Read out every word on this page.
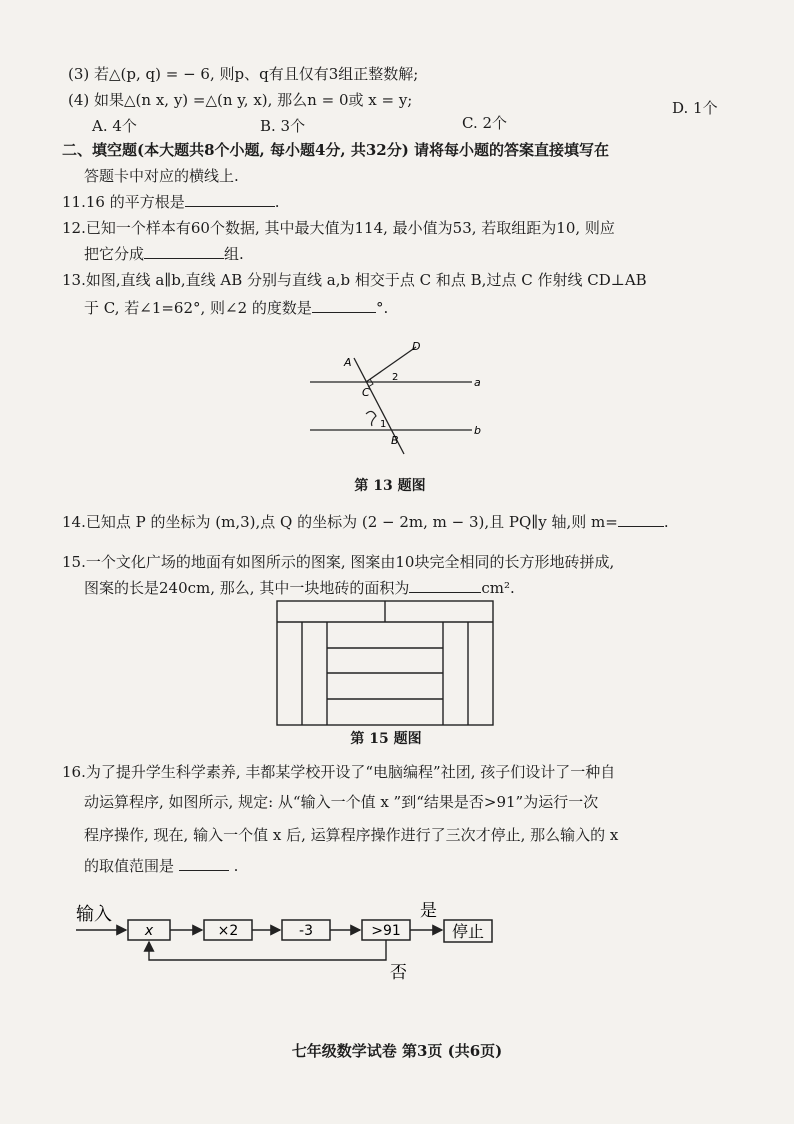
(3) 若△(p, q) = − 6, 则p、q有且仅有3组正整数解;
(4) 如果△(n x, y) =△(n y, x), 那么n = 0或 x = y;
A. 4个	B. 3个	C. 2个
D. 1个
二、填空题(本大题共8个小题, 每小题4分, 共32分) 请将每小题的答案直接填写在
答题卡中对应的横线上.
11.16 的平方根是	.
12.已知一个样本有60个数据, 其中最大值为114, 最小值为53, 若取组距为10, 则应
把它分成	组.
13.如图,直线 a∥b,直线 AB 分别与直线 a,b 相交于点 C 和点 B,过点 C 作射线 CD⊥AB
于 C, 若∠1=62°, 则∠2 的度数是	°.
A
D
C
B
a
b
1
2
第 13 题图
14.已知点 P 的坐标为 (m,3),点 Q 的坐标为 (2 − 2m, m − 3),且 PQ∥y 轴,则 m=	.
15.一个文化广场的地面有如图所示的图案, 图案由10块完全相同的长方形地砖拼成,
图案的长是240cm, 那么, 其中一块地砖的面积为	cm².
第 15 题图
16.为了提升学生科学素养, 丰都某学校开设了“电脑编程”社团, 孩子们设计了一种自
动运算程序, 如图所示, 规定: 从“输入一个值 x ”到“结果是否>91”为运行一次
程序操作, 现在, 输入一个值 x 后, 运算程序操作进行了三次才停止, 那么输入的 x
的取值范围是	.
输入
x	×2	-3	>91
是
停止
否
七年级数学试卷 第3页 (共6页)
